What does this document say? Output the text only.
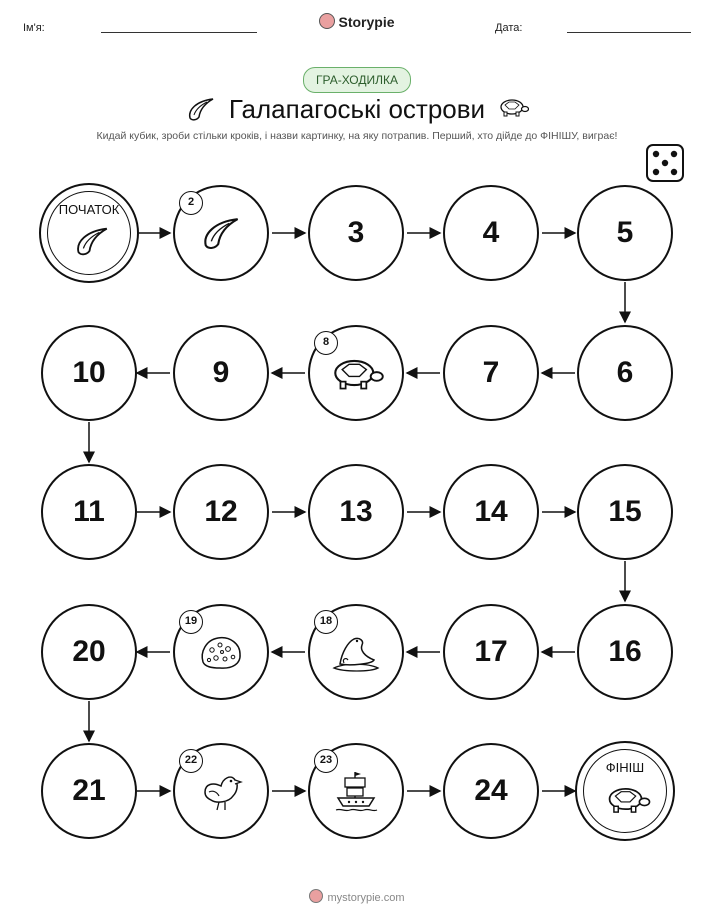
Ім'я:	Storypie	Дата:
ГРА-ХОДИЛКА
Галапагоські острови
Кидай кубик, зроби стільки кроків, і назви картинку, на яку потрапив. Перший, хто дійде до ФІНІШУ, виграє!
ПОЧАТОК	2
3	4	5
10	9
8
7	6
11	12	13	14	15
20
19	18
17	16
21
22	23
24
ФІНІШ
mystorypie.com
